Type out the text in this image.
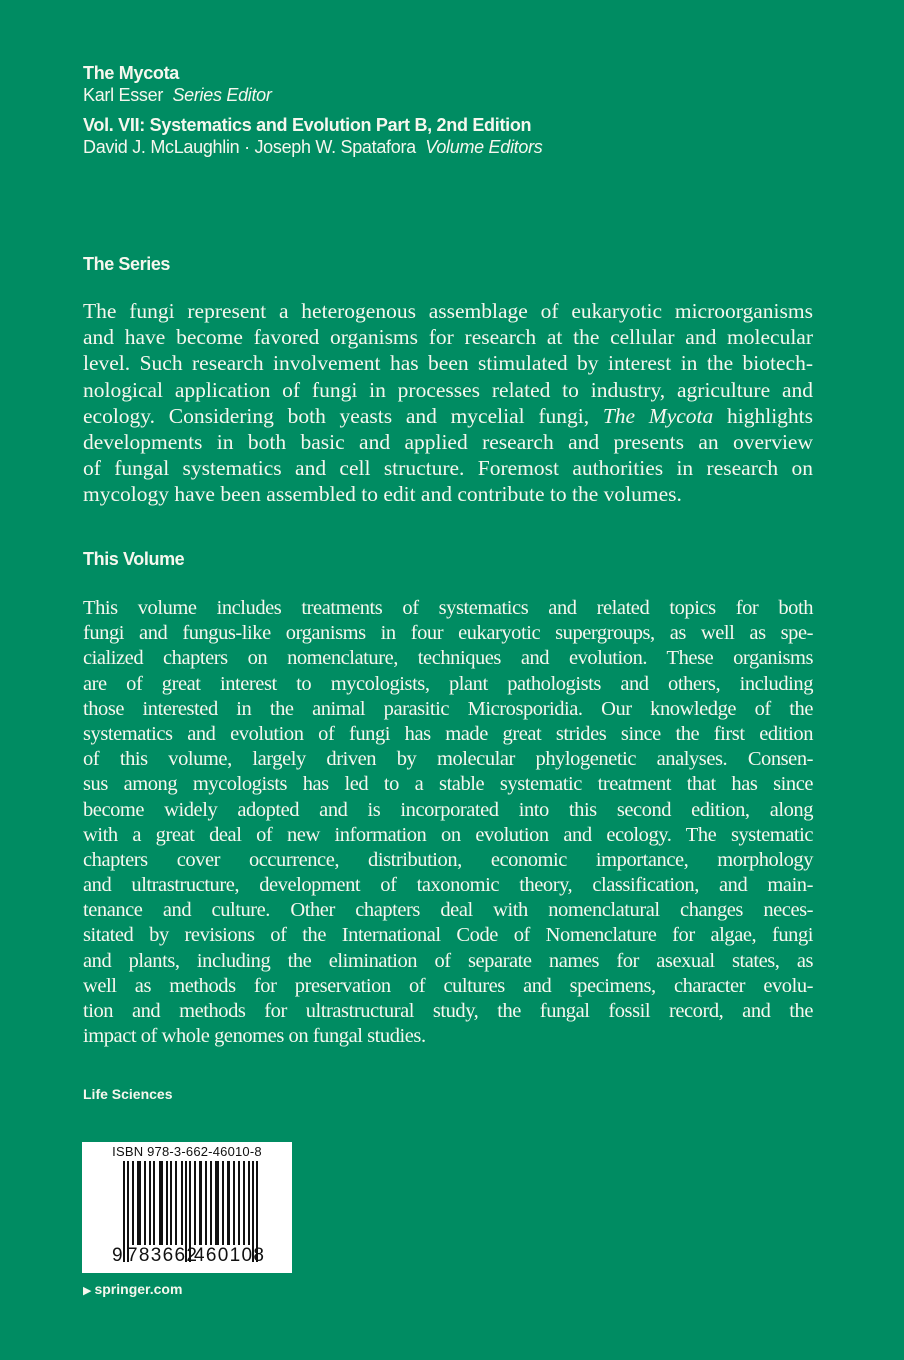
The Mycota
Karl Esser Series Editor
Vol. VII: Systematics and Evolution Part B, 2nd Edition
David J. McLaughlin · Joseph W. Spatafora Volume Editors
The Series
The fungi represent a heterogenous assemblage of eukaryotic microorganisms
and have become favored organisms for research at the cellular and molecular
level. Such research involvement has been stimulated by interest in the biotech-
nological application of fungi in processes related to industry, agriculture and
ecology. Considering both yeasts and mycelial fungi, The Mycota highlights
developments in both basic and applied research and presents an overview
of fungal systematics and cell structure. Foremost authorities in research on
mycology have been assembled to edit and contribute to the volumes.
This Volume
This volume includes treatments of systematics and related topics for both
fungi and fungus-like organisms in four eukaryotic supergroups, as well as spe-
cialized chapters on nomenclature, techniques and evolution. These organisms
are of great interest to mycologists, plant pathologists and others, including
those interested in the animal parasitic Microsporidia. Our knowledge of the
systematics and evolution of fungi has made great strides since the first edition
of this volume, largely driven by molecular phylogenetic analyses. Consen-
sus among mycologists has led to a stable systematic treatment that has since
become widely adopted and is incorporated into this second edition, along
with a great deal of new information on evolution and ecology. The systematic
chapters cover occurrence, distribution, economic importance, morphology
and ultrastructure, development of taxonomic theory, classification, and main-
tenance and culture. Other chapters deal with nomenclatural changes neces-
sitated by revisions of the International Code of Nomenclature for algae, fungi
and plants, including the elimination of separate names for asexual states, as
well as methods for preservation of cultures and specimens, character evolu-
tion and methods for ultrastructural study, the fungal fossil record, and the
impact of whole genomes on fungal studies.
Life Sciences
ISBN 978-3-662-46010-8
9 783662
460108
▶ springer.com
